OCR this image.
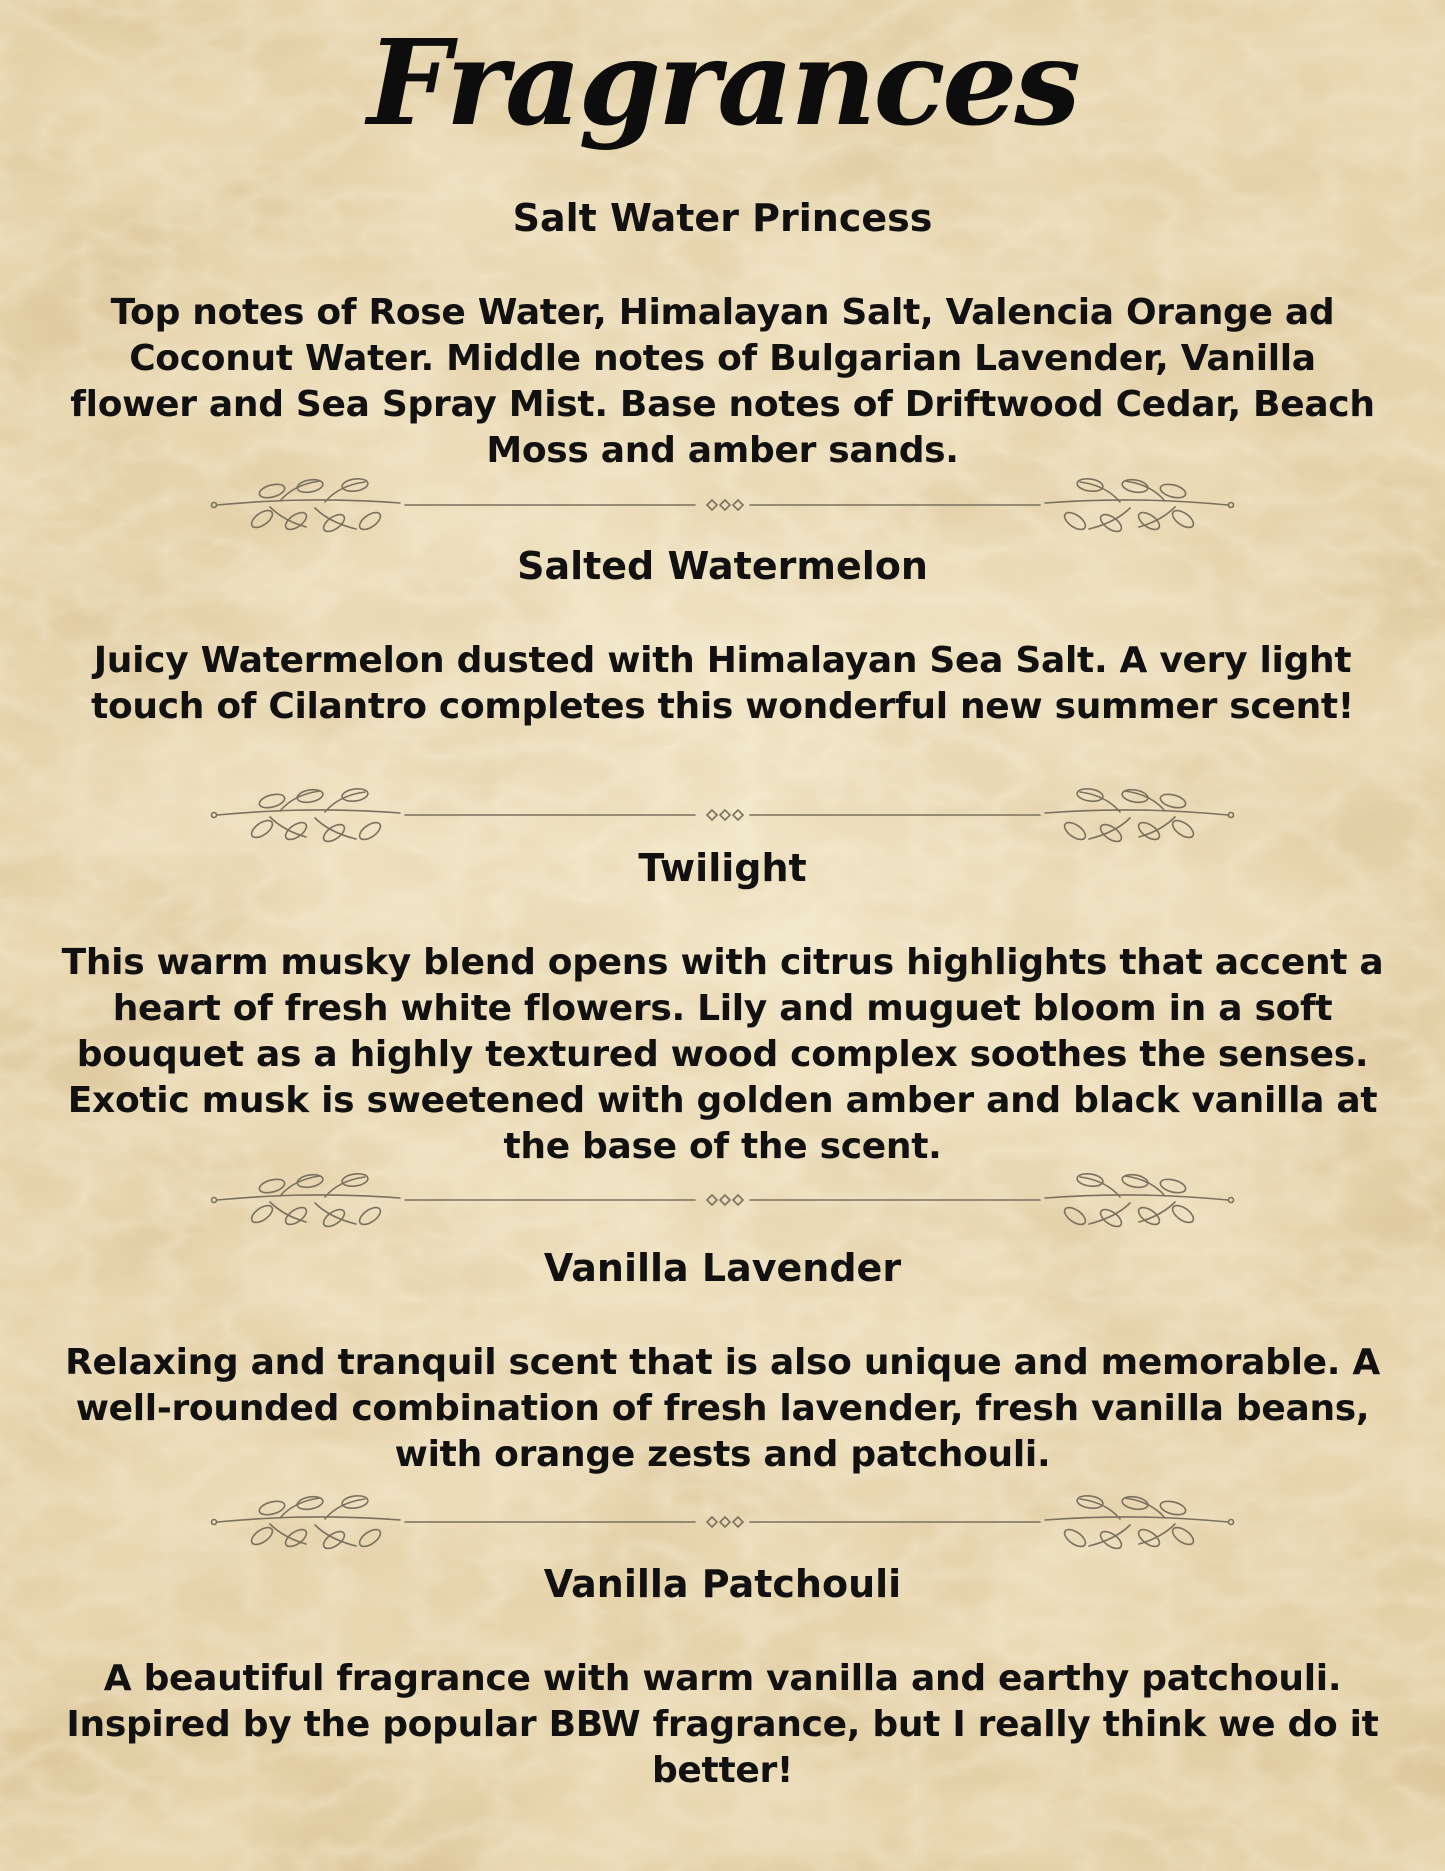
Fragrances
Salt Water Princess

Top notes of Rose Water, Himalayan Salt, Valencia Orange ad Coconut Water. Middle notes of Bulgarian Lavender, Vanilla flower and Sea Spray Mist. Base notes of Driftwood Cedar, Beach Moss and amber sands.

Salted Watermelon

Juicy Watermelon dusted with Himalayan Sea Salt. A very light touch of Cilantro completes this wonderful new summer scent!

Twilight

This warm musky blend opens with citrus highlights that accent a heart of fresh white flowers. Lily and muguet bloom in a soft bouquet as a highly textured wood complex soothes the senses. Exotic musk is sweetened with golden amber and black vanilla at the base of the scent.

Vanilla Lavender

Relaxing and tranquil scent that is also unique and memorable. A well-rounded combination of fresh lavender, fresh vanilla beans, with orange zests and patchouli.

Vanilla Patchouli

A beautiful fragrance with warm vanilla and earthy patchouli. Inspired by the popular BBW fragrance, but I really think we do it better!
